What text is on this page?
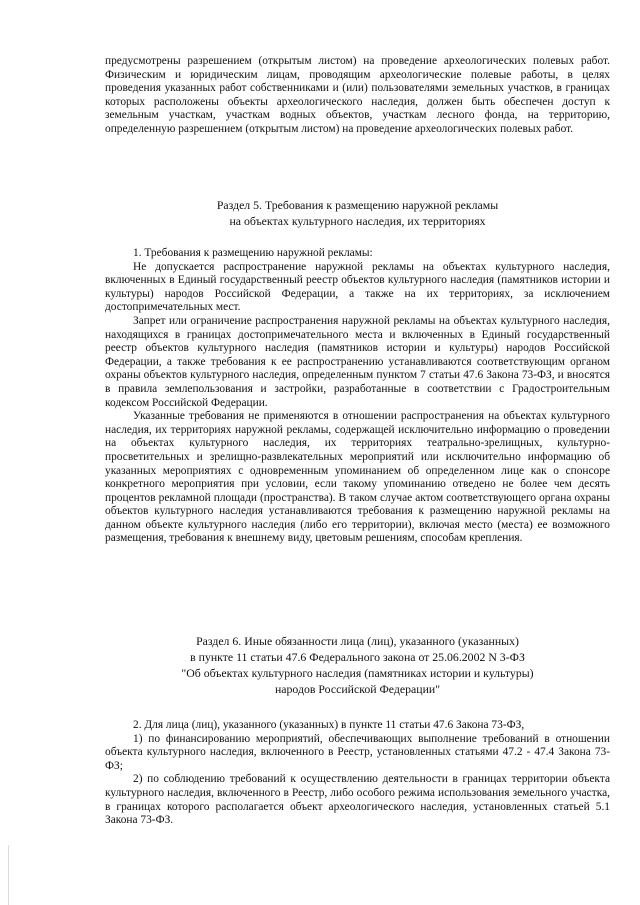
предусмотрены разрешением (открытым листом) на проведение археологических полевых работ. Физическим и юридическим лицам, проводящим археологические полевые работы, в целях проведения указанных работ собственниками и (или) пользователями земельных участков, в границах которых расположены объекты археологического наследия, должен быть обеспечен доступ к земельным участкам, участкам водных объектов, участкам лесного фонда, на территорию, определенную разрешением (открытым листом) на проведение археологических полевых работ.

Раздел 5. Требования к размещению наружной рекламы

на объектах культурного наследия, их территориях

1. Требования к размещению наружной рекламы:

Не допускается распространение наружной рекламы на объектах культурного наследия, включенных в Единый государственный реестр объектов культурного наследия (памятников истории и культуры) народов Российской Федерации, а также на их территориях, за исключением достопримечательных мест.

Запрет или ограничение распространения наружной рекламы на объектах культурного наследия, находящихся в границах достопримечательного места и включенных в Единый государственный реестр объектов культурного наследия (памятников истории и культуры) народов Российской Федерации, а также требования к ее распространению устанавливаются соответствующим органом охраны объектов культурного наследия, определенным пунктом 7 статьи 47.6 Закона 73-ФЗ, и вносятся в правила землепользования и застройки, разработанные в соответствии с Градостроительным кодексом Российской Федерации.

Указанные требования не применяются в отношении распространения на объектах культурного наследия, их территориях наружной рекламы, содержащей исключительно информацию о проведении на объектах культурного наследия, их территориях театрально-зрелищных, культурно-просветительных и зрелищно-развлекательных мероприятий или исключительно информацию об указанных мероприятиях с одновременным упоминанием об определенном лице как о спонсоре конкретного мероприятия при условии, если такому упоминанию отведено не более чем десять процентов рекламной площади (пространства). В таком случае актом соответствующего органа охраны объектов культурного наследия устанавливаются требования к размещению наружной рекламы на данном объекте культурного наследия (либо его территории), включая место (места) ее возможного размещения, требования к внешнему виду, цветовым решениям, способам крепления.

Раздел 6. Иные обязанности лица (лиц), указанного (указанных)

в пункте 11 статьи 47.6 Федерального закона от 25.06.2002 N 3-ФЗ

"Об объектах культурного наследия (памятниках истории и культуры)

народов Российской Федерации"

2. Для лица (лиц), указанного (указанных) в пункте 11 статьи 47.6 Закона 73-ФЗ,

1) по финансированию мероприятий, обеспечивающих выполнение требований в отношении объекта культурного наследия, включенного в Реестр, установленных статьями 47.2 - 47.4 Закона 73-ФЗ;

2) по соблюдению требований к осуществлению деятельности в границах территории объекта культурного наследия, включенного в Реестр, либо особого режима использования земельного участка, в границах которого располагается объект археологического наследия, установленных статьей 5.1 Закона 73-ФЗ.
